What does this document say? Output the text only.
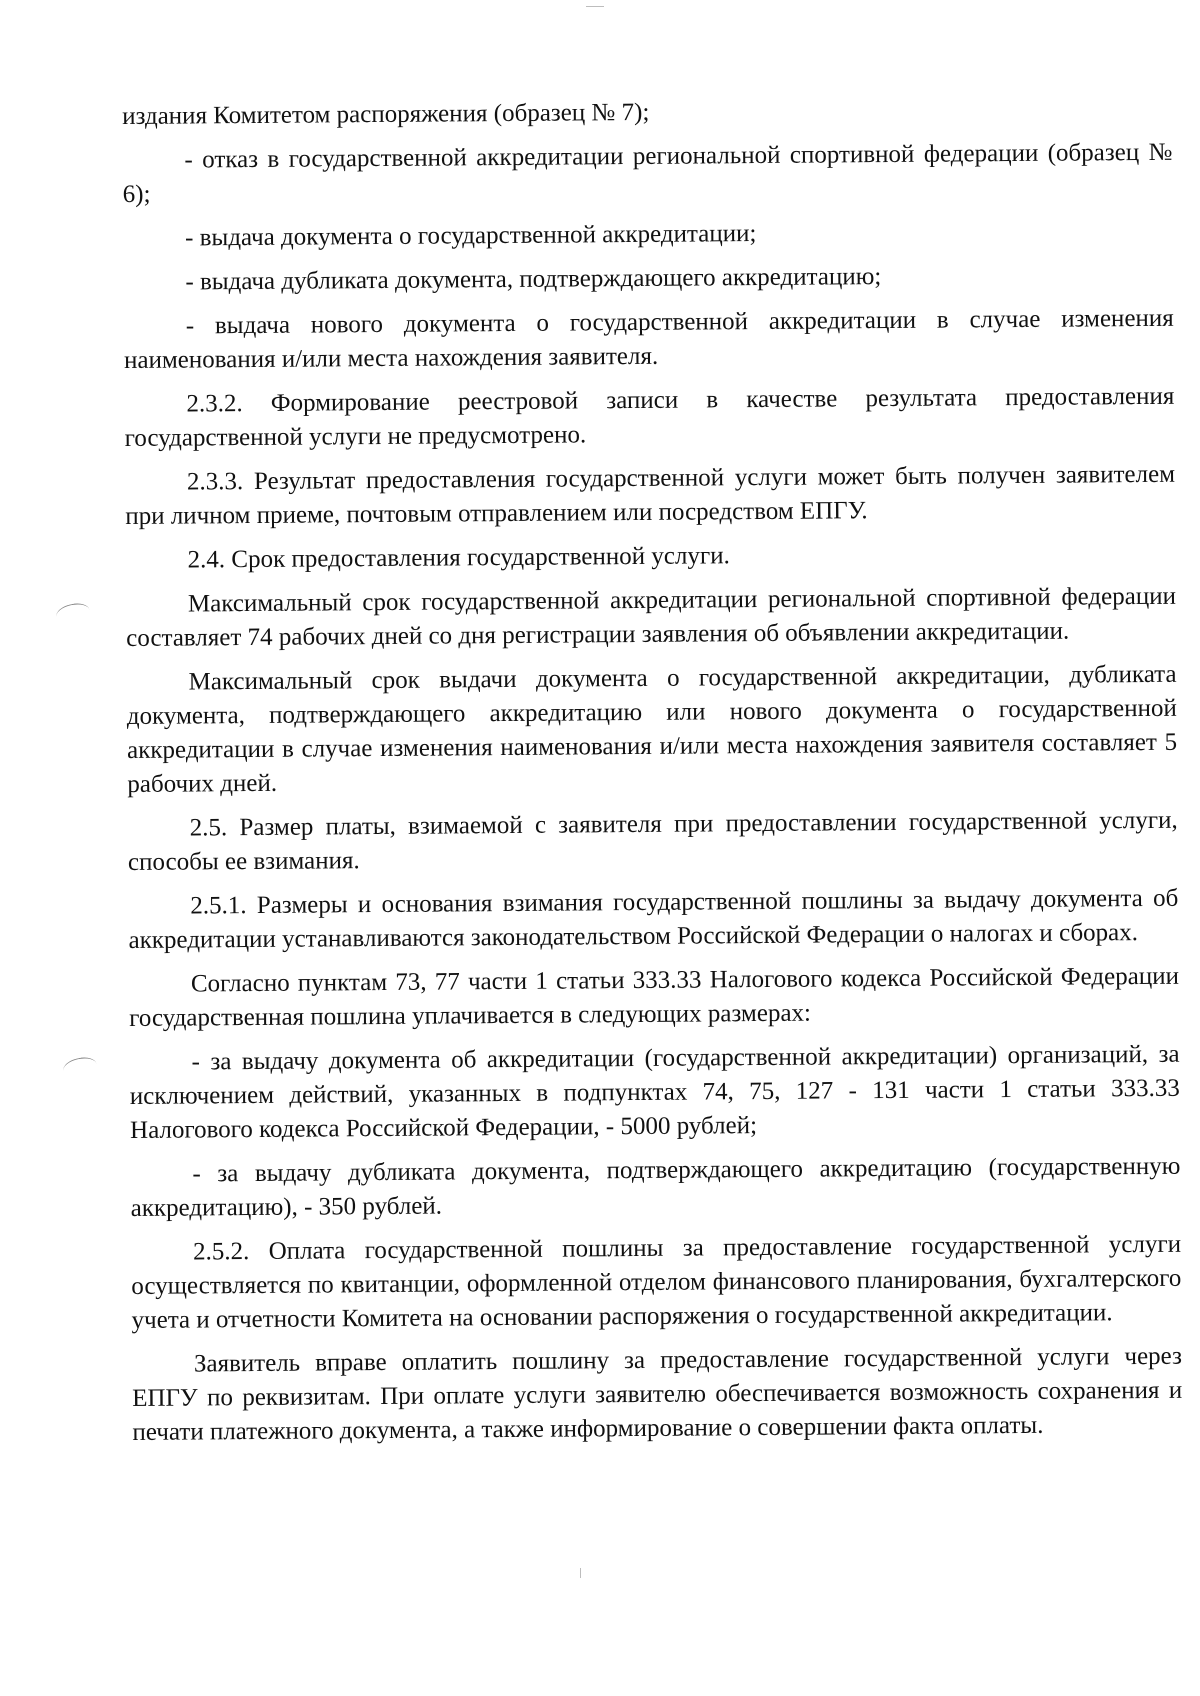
издания Комитетом распоряжения (образец № 7);

- отказ в государственной аккредитации региональной спортивной федерации (образец № 6);

- выдача документа о государственной аккредитации;

- выдача дубликата документа, подтверждающего аккредитацию;

- выдача нового документа о государственной аккредитации в случае изменения наименования и/или места нахождения заявителя.

2.3.2. Формирование реестровой записи в качестве результата предоставления государственной услуги не предусмотрено.

2.3.3. Результат предоставления государственной услуги может быть получен заявителем при личном приеме, почтовым отправлением или посредством ЕПГУ.

2.4. Срок предоставления государственной услуги.

Максимальный срок государственной аккредитации региональной спортивной федерации составляет 74 рабочих дней со дня регистрации заявления об объявлении аккредитации.

Максимальный срок выдачи документа о государственной аккредитации, дубликата документа, подтверждающего аккредитацию или нового документа о государственной аккредитации в случае изменения наименования и/или места нахождения заявителя составляет 5 рабочих дней.

2.5. Размер платы, взимаемой с заявителя при предоставлении государственной услуги, способы ее взимания.

2.5.1. Размеры и основания взимания государственной пошлины за выдачу документа об аккредитации устанавливаются законодательством Российской Федерации о налогах и сборах.

Согласно пунктам 73, 77 части 1 статьи 333.33 Налогового кодекса Российской Федерации государственная пошлина уплачивается в следующих размерах:

- за выдачу документа об аккредитации (государственной аккредитации) организаций, за исключением действий, указанных в подпунктах 74, 75, 127 - 131 части 1 статьи 333.33 Налогового кодекса Российской Федерации, - 5000 рублей;

- за выдачу дубликата документа, подтверждающего аккредитацию (государственную аккредитацию), - 350 рублей.

2.5.2. Оплата государственной пошлины за предоставление государственной услуги осуществляется по квитанции, оформленной отделом финансового планирования, бухгалтерского учета и отчетности Комитета на основании распоряжения о государственной аккредитации.

Заявитель вправе оплатить пошлину за предоставление государственной услуги через ЕПГУ по реквизитам. При оплате услуги заявителю обеспечивается возможность сохранения и печати платежного документа, а также информирование о совершении факта оплаты.
